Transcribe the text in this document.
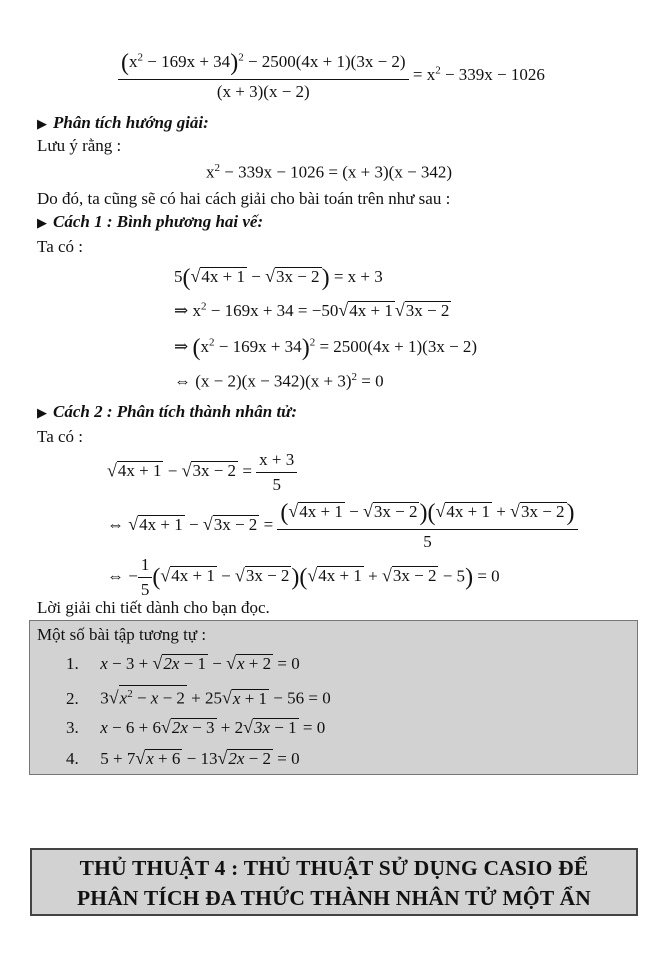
$\frac{(x^2 - 169x + 34)^2 - 2500(4x + 1)(3x - 2)}{(x + 3)(x - 2)} = x^2 - 339x - 1026$
▶ Phân tích hướng giải:
Lưu ý rằng :
$x^2 - 339x - 1026 = (x + 3)(x - 342)$
Do đó, ta cũng sẽ có hai cách giải cho bài toán trên như sau :
▶ Cách 1 : Bình phương hai vế:
Ta có :
5(√4x + 1 − √3x − 2) = x + 3
⇒ $x^2 - 169x + 34 = -50√4x + 1$ √3x − 2
⇒ $(x^2 - 169x + 34)^2 = 2500(4x + 1)(3x - 2)$
⇔ $(x - 2)(x - 342)(x + 3)^2 = 0$
▶ Cách 2 : Phân tích thành nhân tử:
Ta có :
$√4x + 1 - √3x - 2 = \frac{x + 3}{5}$
⇔ $√4x + 1 - √3x - 2 = \frac{(√4x + 1 - √3x - 2)(√4x + 1 + √3x - 2)}{5}$
⇔ − $\frac{1}{5} (√4x + 1 - √3x - 2)(√4x + 1 + √3x - 2 - 5) = 0$
Lời giải chi tiết dành cho bạn đọc.
Một số bài tập tương tự :
1. x − 3 + √2x − 1 − √x + 2 = 0
2. $3√x^2 - x - 2 + 25√x + 1 - 56 = 0$
3. x − 6 + 6√2x − 3 + 2√3x − 1 = 0
4. 5 + 7√x + 6 − 13√2x − 2 = 0
THỦ THUẬT 4 : THỦ THUẬT SỬ DỤNG CASIO ĐỂ
PHÂN TÍCH ĐA THỨC THÀNH NHÂN TỬ MỘT ẨN
